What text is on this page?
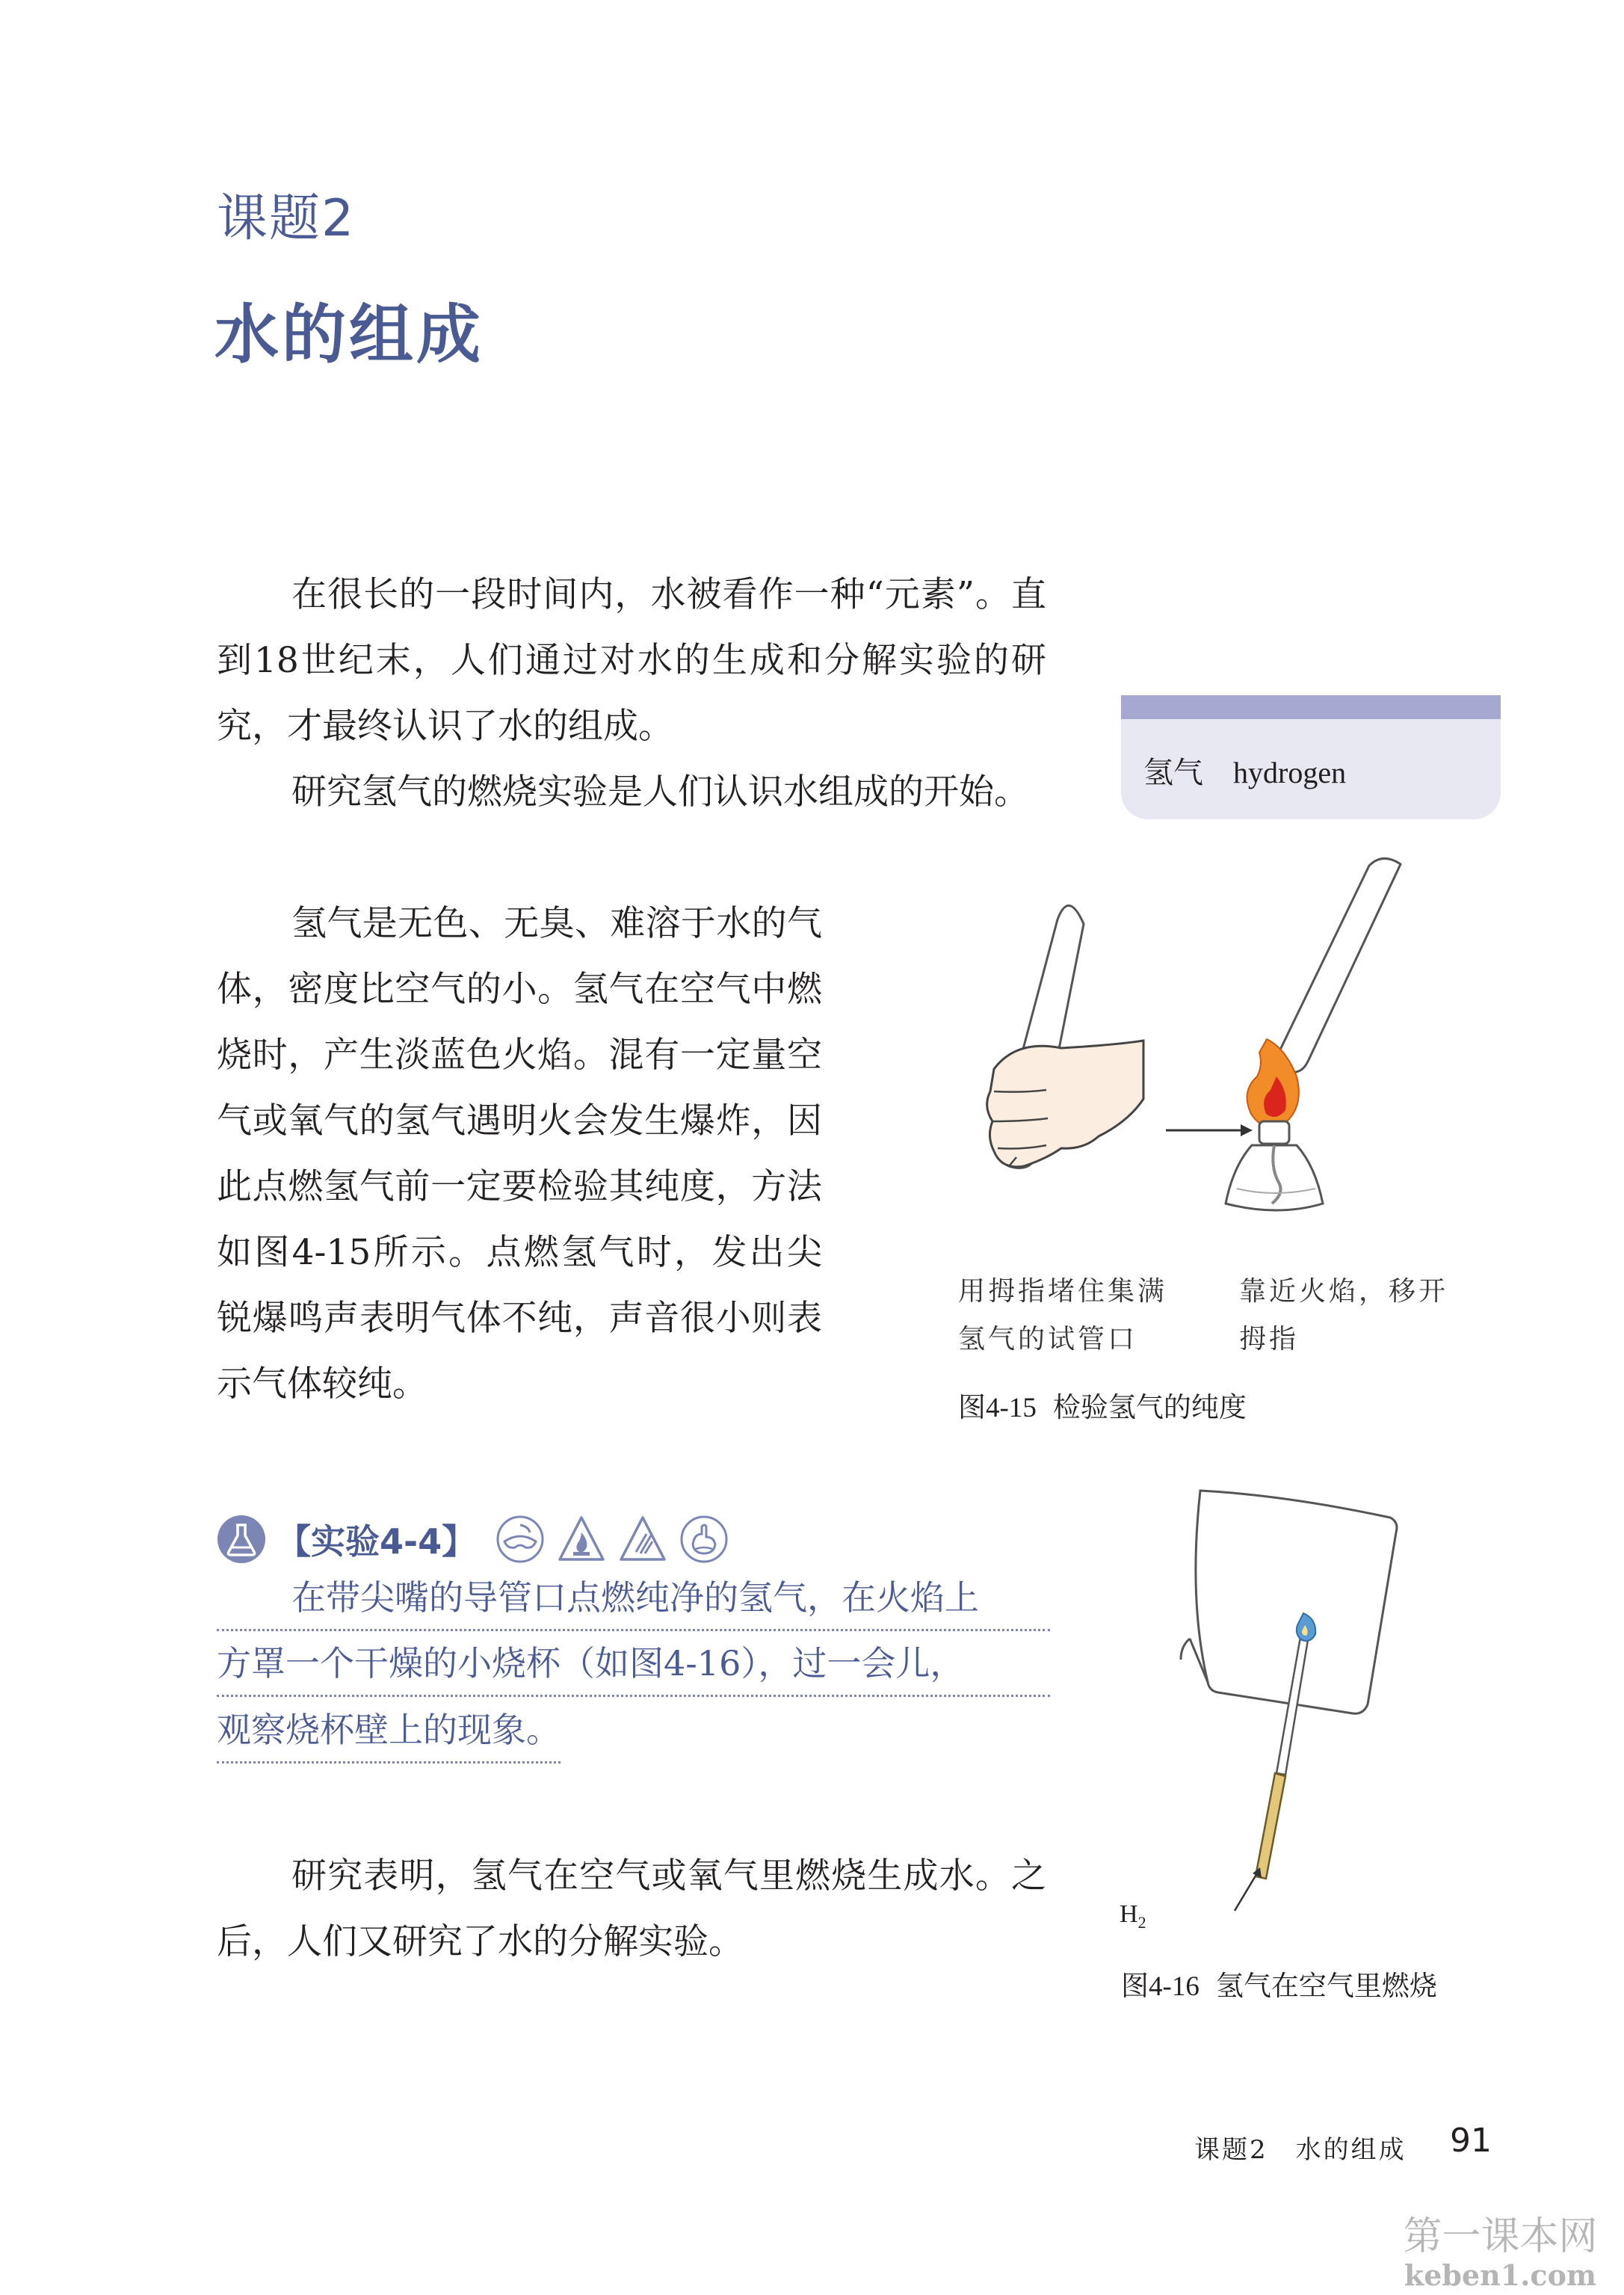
课题2
水的组成

在很长的一段时间内，水被看作一种“元素”。直到18世纪末，人们通过对水的生成和分解实验的研究，才最终认识了水的组成。

研究氢气的燃烧实验是人们认识水组成的开始。

氢气是无色、无臭、难溶于水的气体，密度比空气的小。氢气在空气中燃烧时，产生淡蓝色火焰。混有一定量空气或氧气的氢气遇明火会发生爆炸，因此点燃氢气前一定要检验其纯度，方法如图4-15所示。点燃氢气时，发出尖锐爆鸣声表明气体不纯，声音很小则表示气体较纯。

氢气 hydrogen
用拇指堵住集满
氢气的试管口
靠近火焰，移开
拇指
图4-15 检验氢气的纯度
【实验4-4】
在带尖嘴的导管口点燃纯净的氢气，在火焰上
方罩一个干燥的小烧杯（如图4-16），过一会儿，
观察烧杯壁上的现象。

研究表明，氢气在空气或氧气里燃烧生成水。之后，人们又研究了水的分解实验。

$H_2$
图4-16 氢气在空气里燃烧
课题2　水的组成 91
第一课本网
keben1.com
